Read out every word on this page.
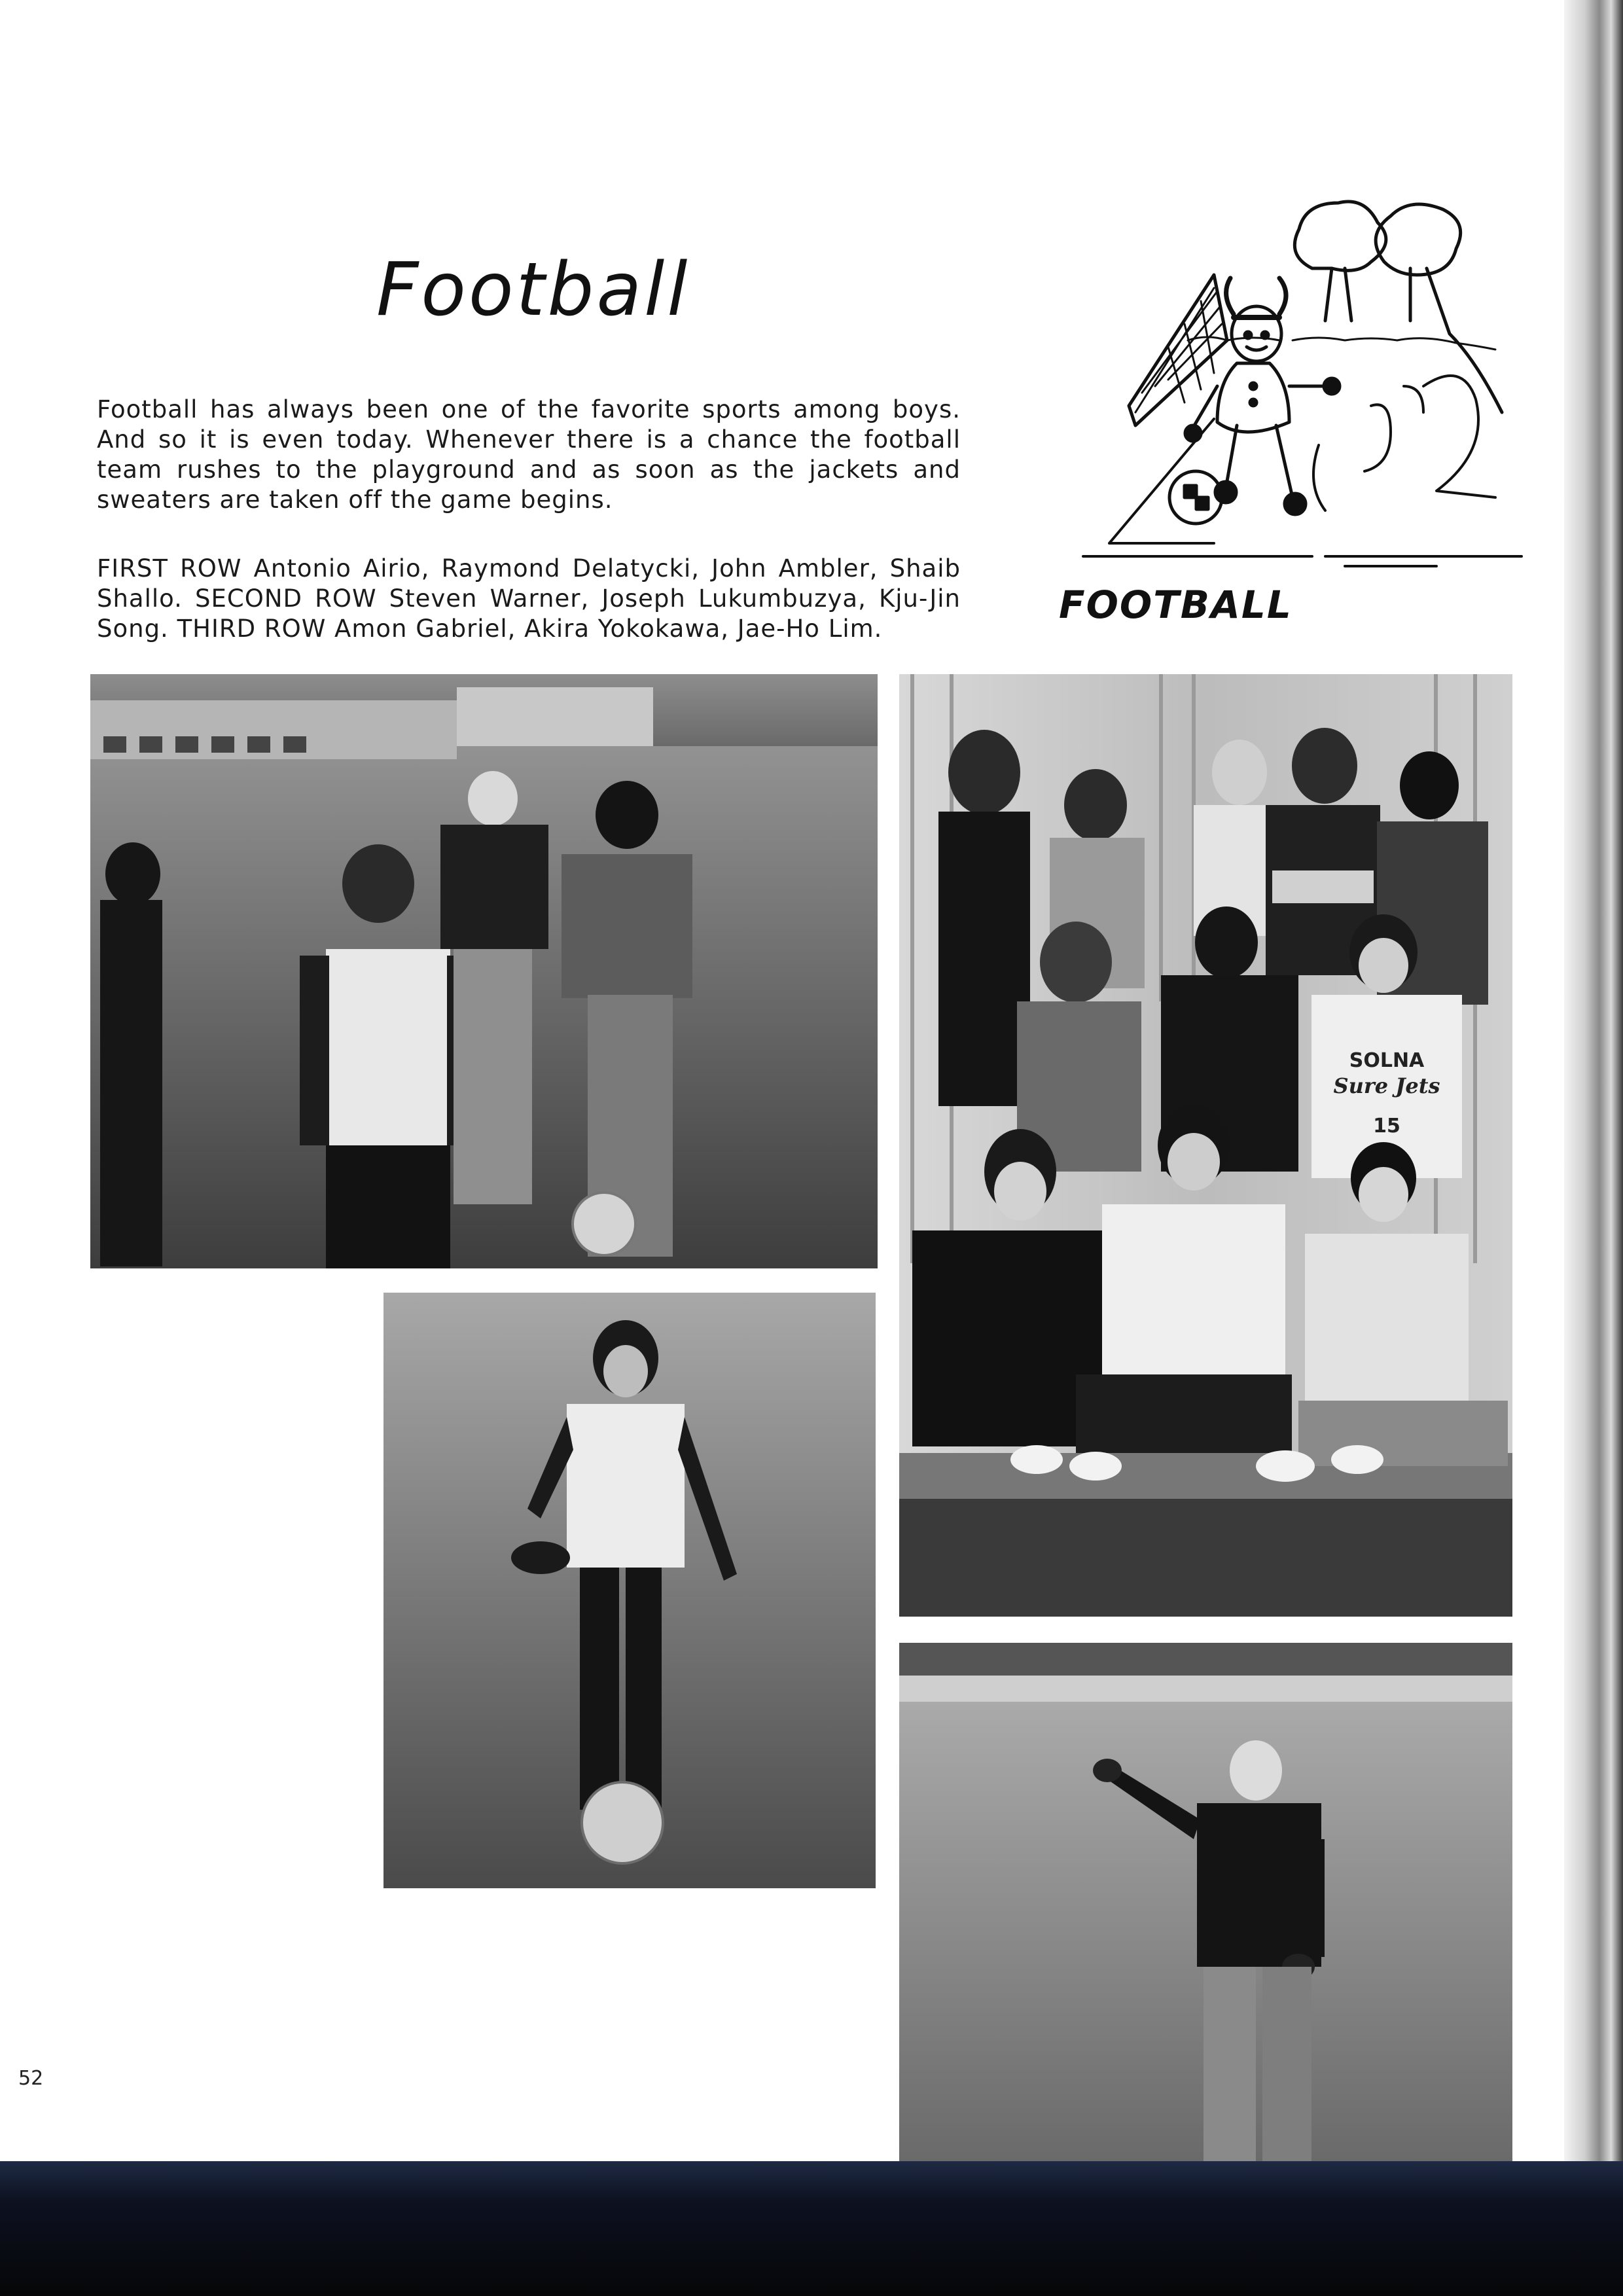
Football
Football has always been one of the favorite sports among boys. And so it is even today. Whenever there is a chance the football team rushes to the playground and as soon as the jackets and sweaters are taken off the game begins.
FIRST ROW Antonio Airio, Raymond Delatycki, John Ambler, Shaib Shallo. SECOND ROW Steven Warner, Joseph Lukumbuzya, Kju-Jin Song. THIRD ROW Amon Gabriel, Akira Yokokawa, Jae-Ho Lim.
FOOTBALL
SOLNA
Sure Jets
15
52
